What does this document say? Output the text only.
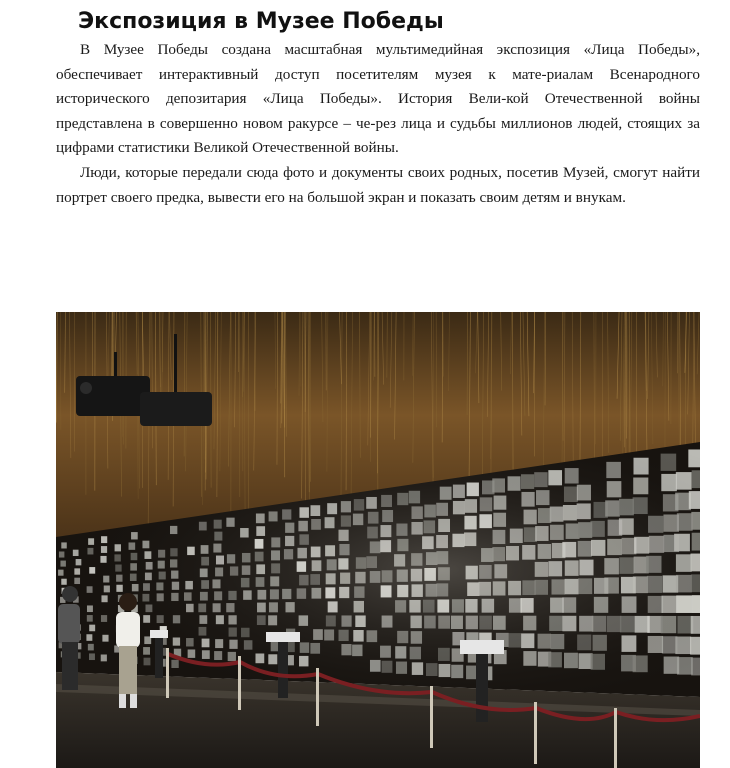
Экспозиция в Музее Победы

В Музее Победы создана масштабная мультимедийная экспозиция «Лица Победы», обеспечивает интерактивный доступ посетителям музея к мате-риалам Всенародного исторического депозитария «Лица Победы». История Вели-кой Отечественной войны представлена в совершенно новом ракурсе – че-рез лица и судьбы миллионов людей, стоящих за цифрами статистики Великой Отечественной войны.

Люди, которые передали сюда фото и документы своих родных, посетив Музей, смогут найти портрет своего предка, вывести его на большой экран и показать своим детям и внукам.
